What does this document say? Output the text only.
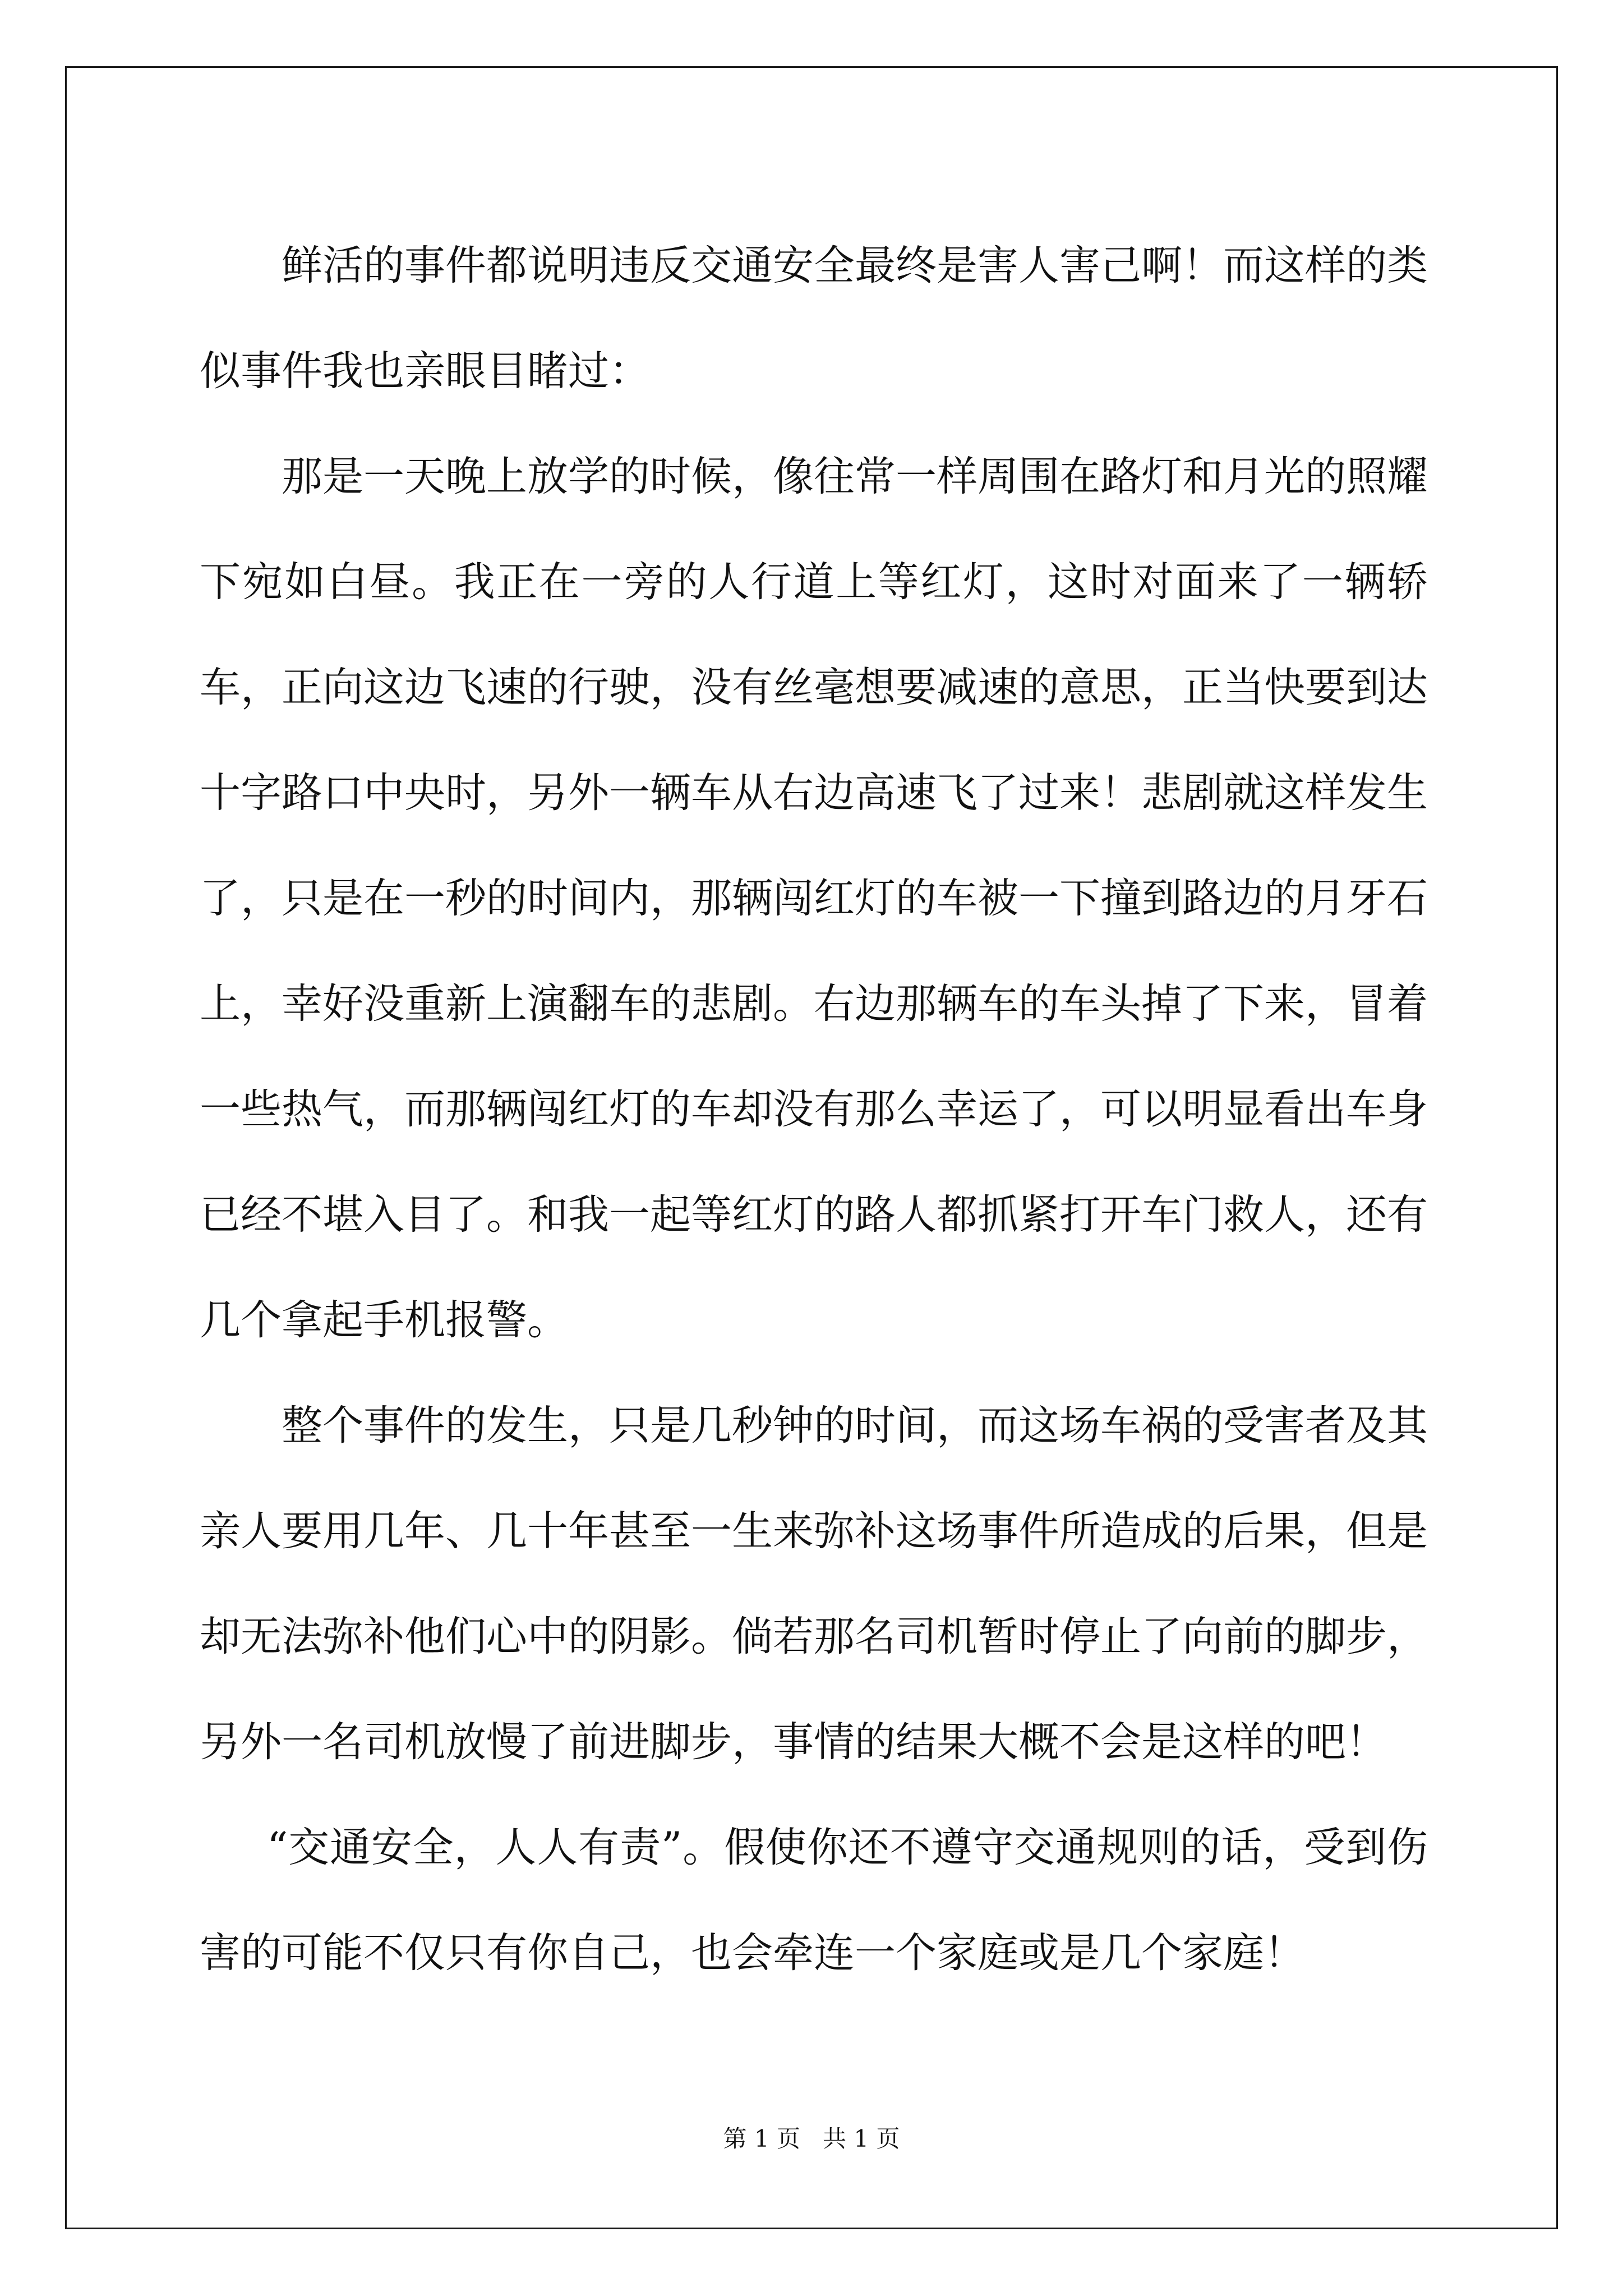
鲜活的事件都说明违反交通安全最终是害人害己啊！而这样的类似事件我也亲眼目睹过：

那是一天晚上放学的时候，像往常一样周围在路灯和月光的照耀下宛如白昼。我正在一旁的人行道上等红灯，这时对面来了一辆轿车，正向这边飞速的行驶，没有丝毫想要减速的意思，正当快要到达十字路口中央时，另外一辆车从右边高速飞了过来！悲剧就这样发生了，只是在一秒的时间内，那辆闯红灯的车被一下撞到路边的月牙石上，幸好没重新上演翻车的悲剧。右边那辆车的车头掉了下来，冒着一些热气，而那辆闯红灯的车却没有那么幸运了，可以明显看出车身已经不堪入目了。和我一起等红灯的路人都抓紧打开车门救人，还有几个拿起手机报警。

整个事件的发生，只是几秒钟的时间，而这场车祸的受害者及其亲人要用几年、几十年甚至一生来弥补这场事件所造成的后果，但是却无法弥补他们心中的阴影。倘若那名司机暂时停止了向前的脚步，另外一名司机放慢了前进脚步，事情的结果大概不会是这样的吧！

“交通安全，人人有责”。假使你还不遵守交通规则的话，受到伤害的可能不仅只有你自己，也会牵连一个家庭或是几个家庭！

第 1 页 共 1 页
